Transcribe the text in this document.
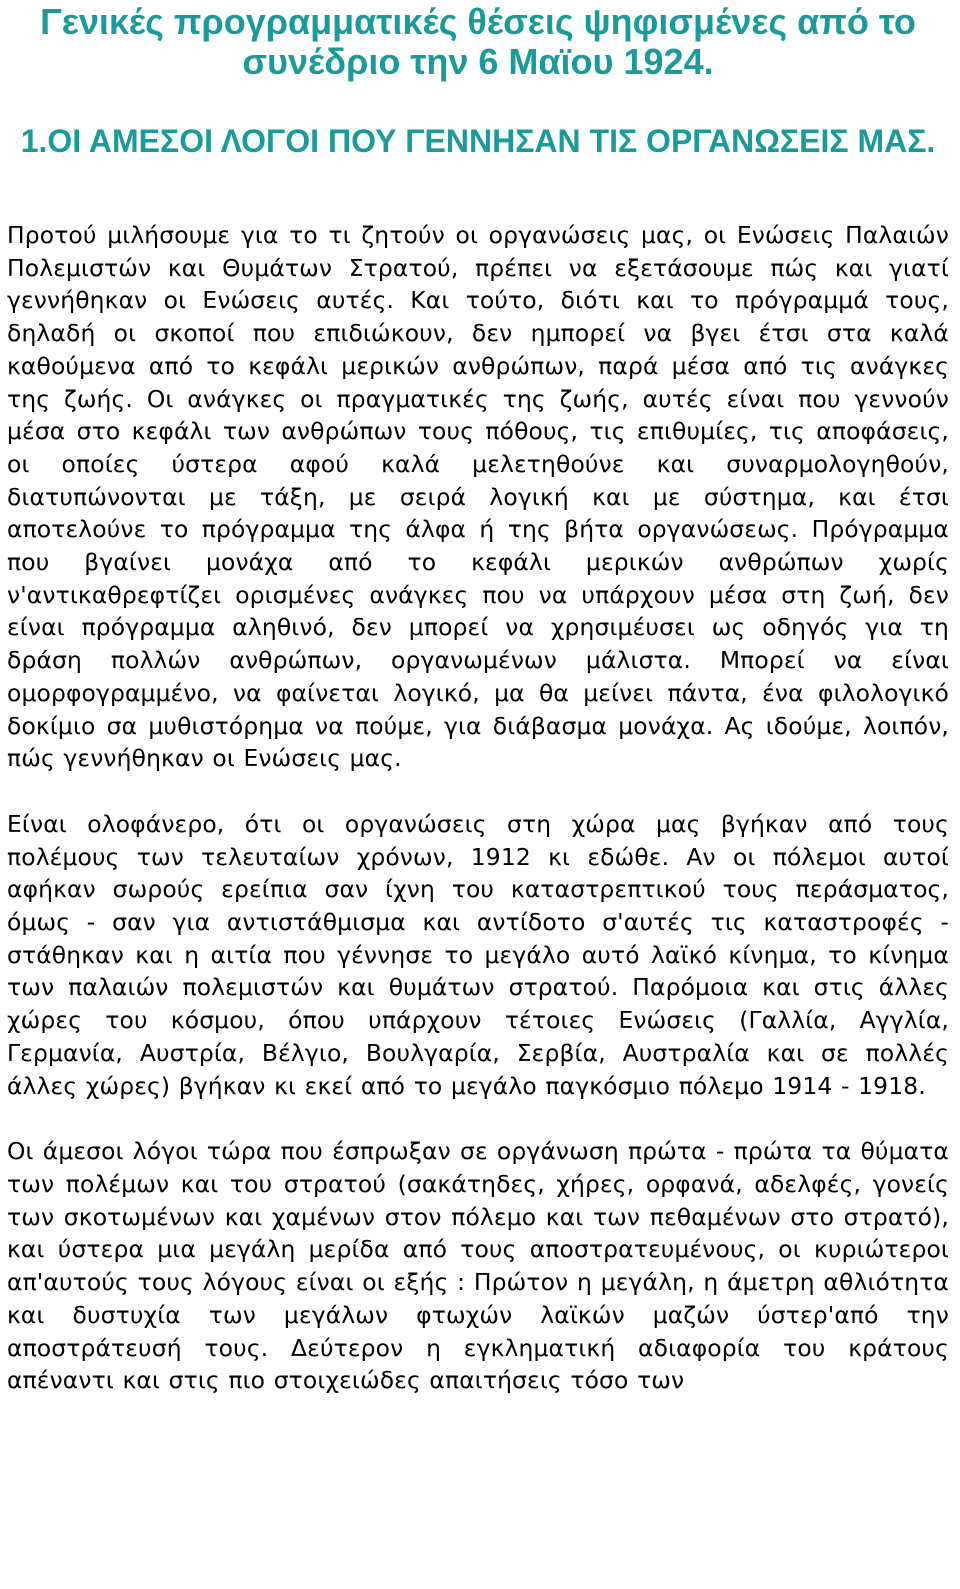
Γενικές προγραμματικές θέσεις ψηφισμένες από το συνέδριο την 6 Μαϊου 1924.
1.ΟΙ ΑΜΕΣΟΙ ΛΟΓΟΙ ΠΟΥ ΓΕΝΝΗΣΑΝ ΤΙΣ ΟΡΓΑΝΩΣΕΙΣ ΜΑΣ.

Προτού μιλήσουμε για το τι ζητούν οι οργανώσεις μας, οι Ενώσεις Παλαιών Πολεμιστών και Θυμάτων Στρατού, πρέπει να εξετάσουμε πώς και γιατί γεννήθηκαν οι Ενώσεις αυτές. Και τούτο, διότι και το πρόγραμμά τους, δηλαδή οι σκοποί που επιδιώκουν, δεν ημπορεί να βγει έτσι στα καλά καθούμενα από το κεφάλι μερικών ανθρώπων, παρά μέσα από τις ανάγκες της ζωής. Οι ανάγκες οι πραγματικές της ζωής, αυτές είναι που γεννούν μέσα στο κεφάλι των ανθρώπων τους πόθους, τις επιθυμίες, τις αποφάσεις, οι οποίες ύστερα αφού καλά μελετηθούνε και συναρμολογηθούν, διατυπώνονται με τάξη, με σειρά λογική και με σύστημα, και έτσι αποτελούνε το πρόγραμμα της άλφα ή της βήτα οργανώσεως. Πρόγραμμα που βγαίνει μονάχα από το κεφάλι μερικών ανθρώπων χωρίς ν'αντικαθρεφτίζει ορισμένες ανάγκες που να υπάρχουν μέσα στη ζωή, δεν είναι πρόγραμμα αληθινό, δεν μπορεί να χρησιμέυσει ως οδηγός για τη δράση πολλών ανθρώπων, οργανωμένων μάλιστα. Μπορεί να είναι ομορφογραμμένο, να φαίνεται λογικό, μα θα μείνει πάντα, ένα φιλολογικό δοκίμιο σα μυθιστόρημα να πούμε, για διάβασμα μονάχα. Ας ιδούμε, λοιπόν, πώς γεννήθηκαν οι Ενώσεις μας.

Είναι ολοφάνερο, ότι οι οργανώσεις στη χώρα μας βγήκαν από τους πολέμους των τελευταίων χρόνων, 1912 κι εδώθε. Αν οι πόλεμοι αυτοί αφήκαν σωρούς ερείπια σαν ίχνη του καταστρεπτικού τους περάσματος, όμως - σαν για αντιστάθμισμα και αντίδοτο σ'αυτές τις καταστροφές - στάθηκαν και η αιτία που γέννησε το μεγάλο αυτό λαϊκό κίνημα, το κίνημα των παλαιών πολεμιστών και θυμάτων στρατού. Παρόμοια και στις άλλες χώρες του κόσμου, όπου υπάρχουν τέτοιες Ενώσεις (Γαλλία, Αγγλία, Γερμανία, Αυστρία, Βέλγιο, Βουλγαρία, Σερβία, Αυστραλία και σε πολλές άλλες χώρες) βγήκαν κι εκεί από το μεγάλο παγκόσμιο πόλεμο 1914 - 1918.

Οι άμεσοι λόγοι τώρα που έσπρωξαν σε οργάνωση πρώτα - πρώτα τα θύματα των πολέμων και του στρατού (σακάτηδες, χήρες, ορφανά, αδελφές, γονείς των σκοτωμένων και χαμένων στον πόλεμο και των πεθαμένων στο στρατό), και ύστερα μια μεγάλη μερίδα από τους αποστρατευμένους, οι κυριώτεροι απ'αυτούς τους λόγους είναι οι εξής : Πρώτον η μεγάλη, η άμετρη αθλιότητα και δυστυχία των μεγάλων φτωχών λαϊκών μαζών ύστερ'από την αποστράτευσή τους. Δεύτερον η εγκληματική αδιαφορία του κράτους απέναντι και στις πιο στοιχειώδες απαιτήσεις τόσο των
